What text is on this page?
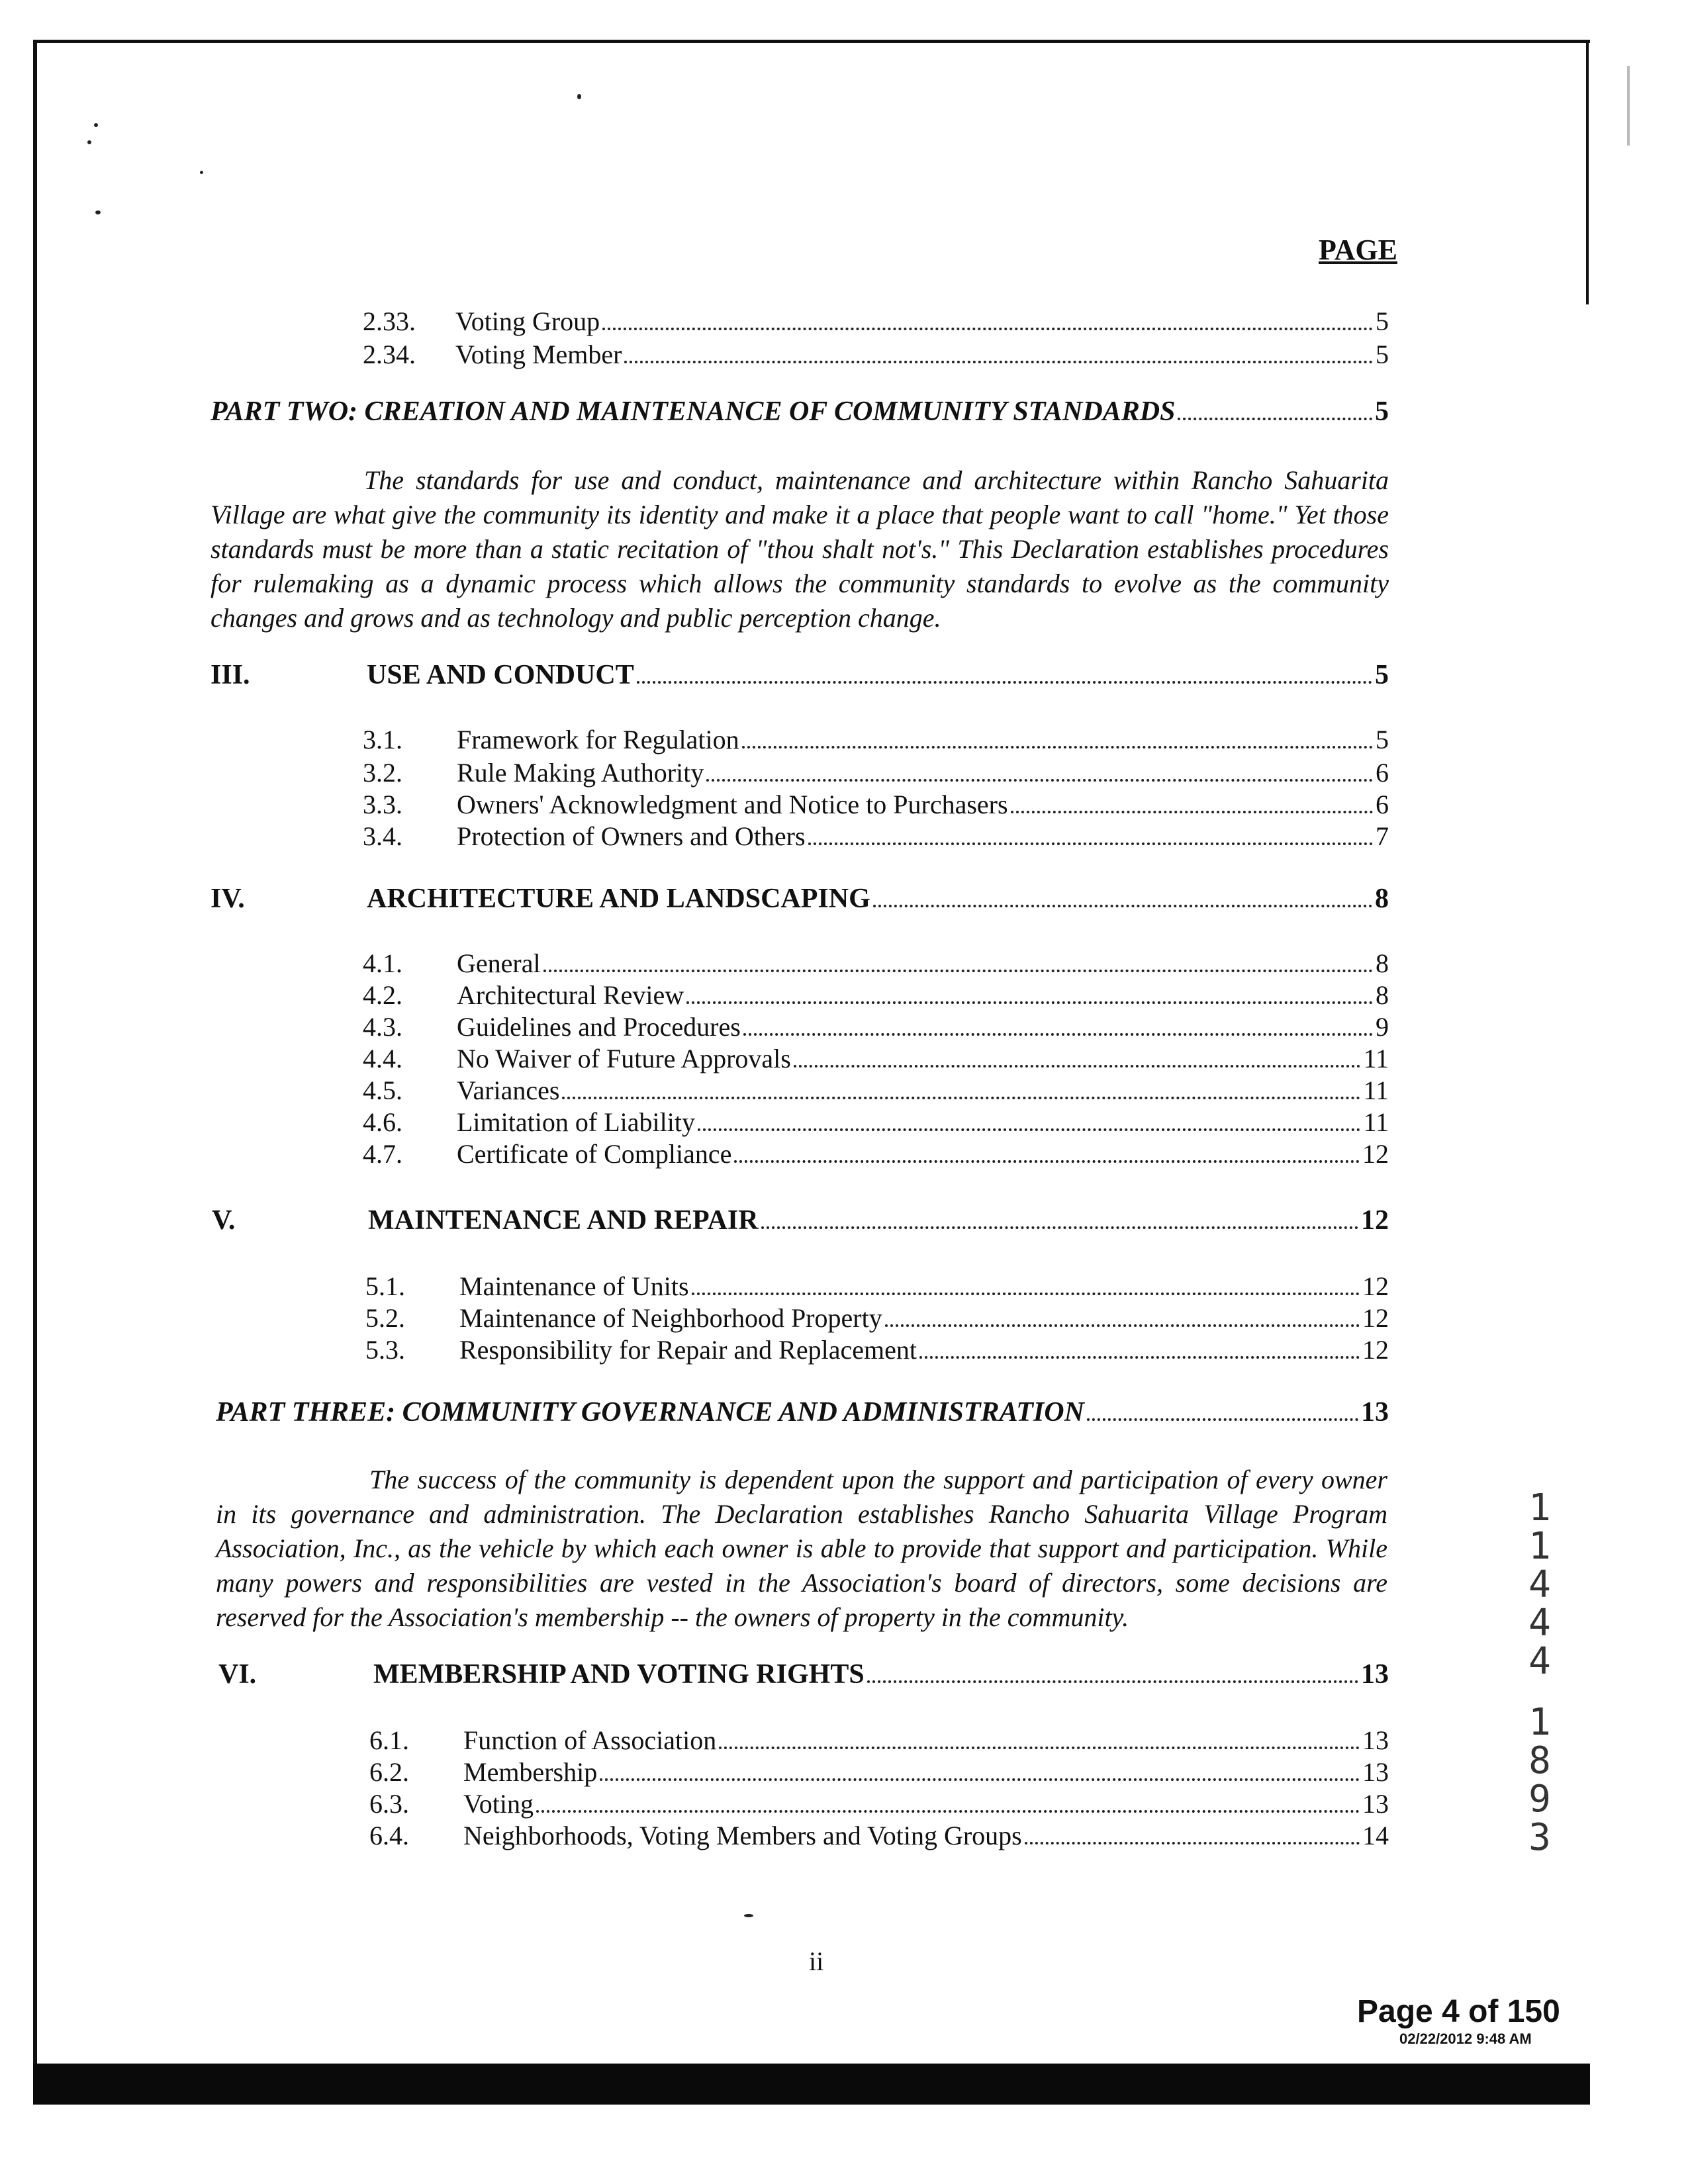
PAGE
2.33.	Voting Group	5
2.34.	Voting Member	5
PART TWO: CREATION AND MAINTENANCE OF COMMUNITY STANDARDS	5
The standards for use and conduct, maintenance and architecture within Rancho Sahuarita Village are what give the community its identity and make it a place that people want to call "home." Yet those standards must be more than a static recitation of "thou shalt not's." This Declaration establishes procedures for rulemaking as a dynamic process which allows the community standards to evolve as the community changes and grows and as technology and public perception change.
III.	USE AND CONDUCT	5
3.1.	Framework for Regulation	5
3.2.	Rule Making Authority	6
3.3.	Owners' Acknowledgment and Notice to Purchasers	6
3.4.	Protection of Owners and Others	7
IV.	ARCHITECTURE AND LANDSCAPING	8
4.1.	General	8
4.2.	Architectural Review	8
4.3.	Guidelines and Procedures	9
4.4.	No Waiver of Future Approvals	11
4.5.	Variances	11
4.6.	Limitation of Liability	11
4.7.	Certificate of Compliance	12
V.	MAINTENANCE AND REPAIR	12
5.1.	Maintenance of Units	12
5.2.	Maintenance of Neighborhood Property	12
5.3.	Responsibility for Repair and Replacement	12
PART THREE: COMMUNITY GOVERNANCE AND ADMINISTRATION	13
The success of the community is dependent upon the support and participation of every owner in its governance and administration. The Declaration establishes Rancho Sahuarita Village Program Association, Inc., as the vehicle by which each owner is able to provide that support and participation. While many powers and responsibilities are vested in the Association's board of directors, some decisions are reserved for the Association's membership -- the owners of property in the community.
VI.	MEMBERSHIP AND VOTING RIGHTS	13
6.1.	Function of Association	13
6.2.	Membership	13
6.3.	Voting	13
6.4.	Neighborhoods, Voting Members and Voting Groups	14
ii
1
1
4
4
4
1
8
9
3
Page 4 of 150
02/22/2012 9:48 AM
